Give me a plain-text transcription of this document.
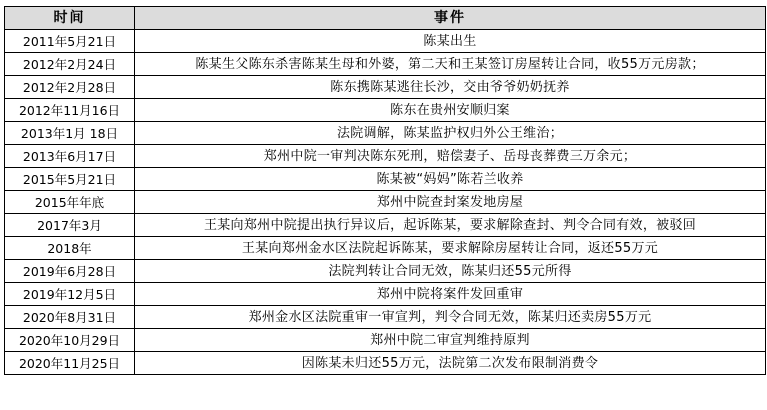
时间	事件
2011年5月21日	陈某出生
2012年2月24日	陈某生父陈东杀害陈某生母和外婆，第二天和王某签订房屋转让合同，收55万元房款；
2012年2月28日	陈东携陈某逃往长沙，交由爷爷奶奶抚养
2012年11月16日	陈东在贵州安顺归案
2013年1月 18日	法院调解，陈某监护权归外公王维治；
2013年6月17日	郑州中院一审判决陈东死刑，赔偿妻子、岳母丧葬费三万余元；
2015年5月21日	陈某被“妈妈”陈若兰收养
2015年年底	郑州中院查封案发地房屋
2017年3月	王某向郑州中院提出执行异议后，起诉陈某，要求解除查封、判令合同有效，被驳回
2018年	王某向郑州金水区法院起诉陈某，要求解除房屋转让合同，返还55万元
2019年6月28日	法院判转让合同无效，陈某归还55元所得
2019年12月5日	郑州中院将案件发回重审
2020年8月31日	郑州金水区法院重审一审宣判，判令合同无效，陈某归还卖房55万元
2020年10月29日	郑州中院二审宣判维持原判
2020年11月25日	因陈某未归还55万元，法院第二次发布限制消费令
